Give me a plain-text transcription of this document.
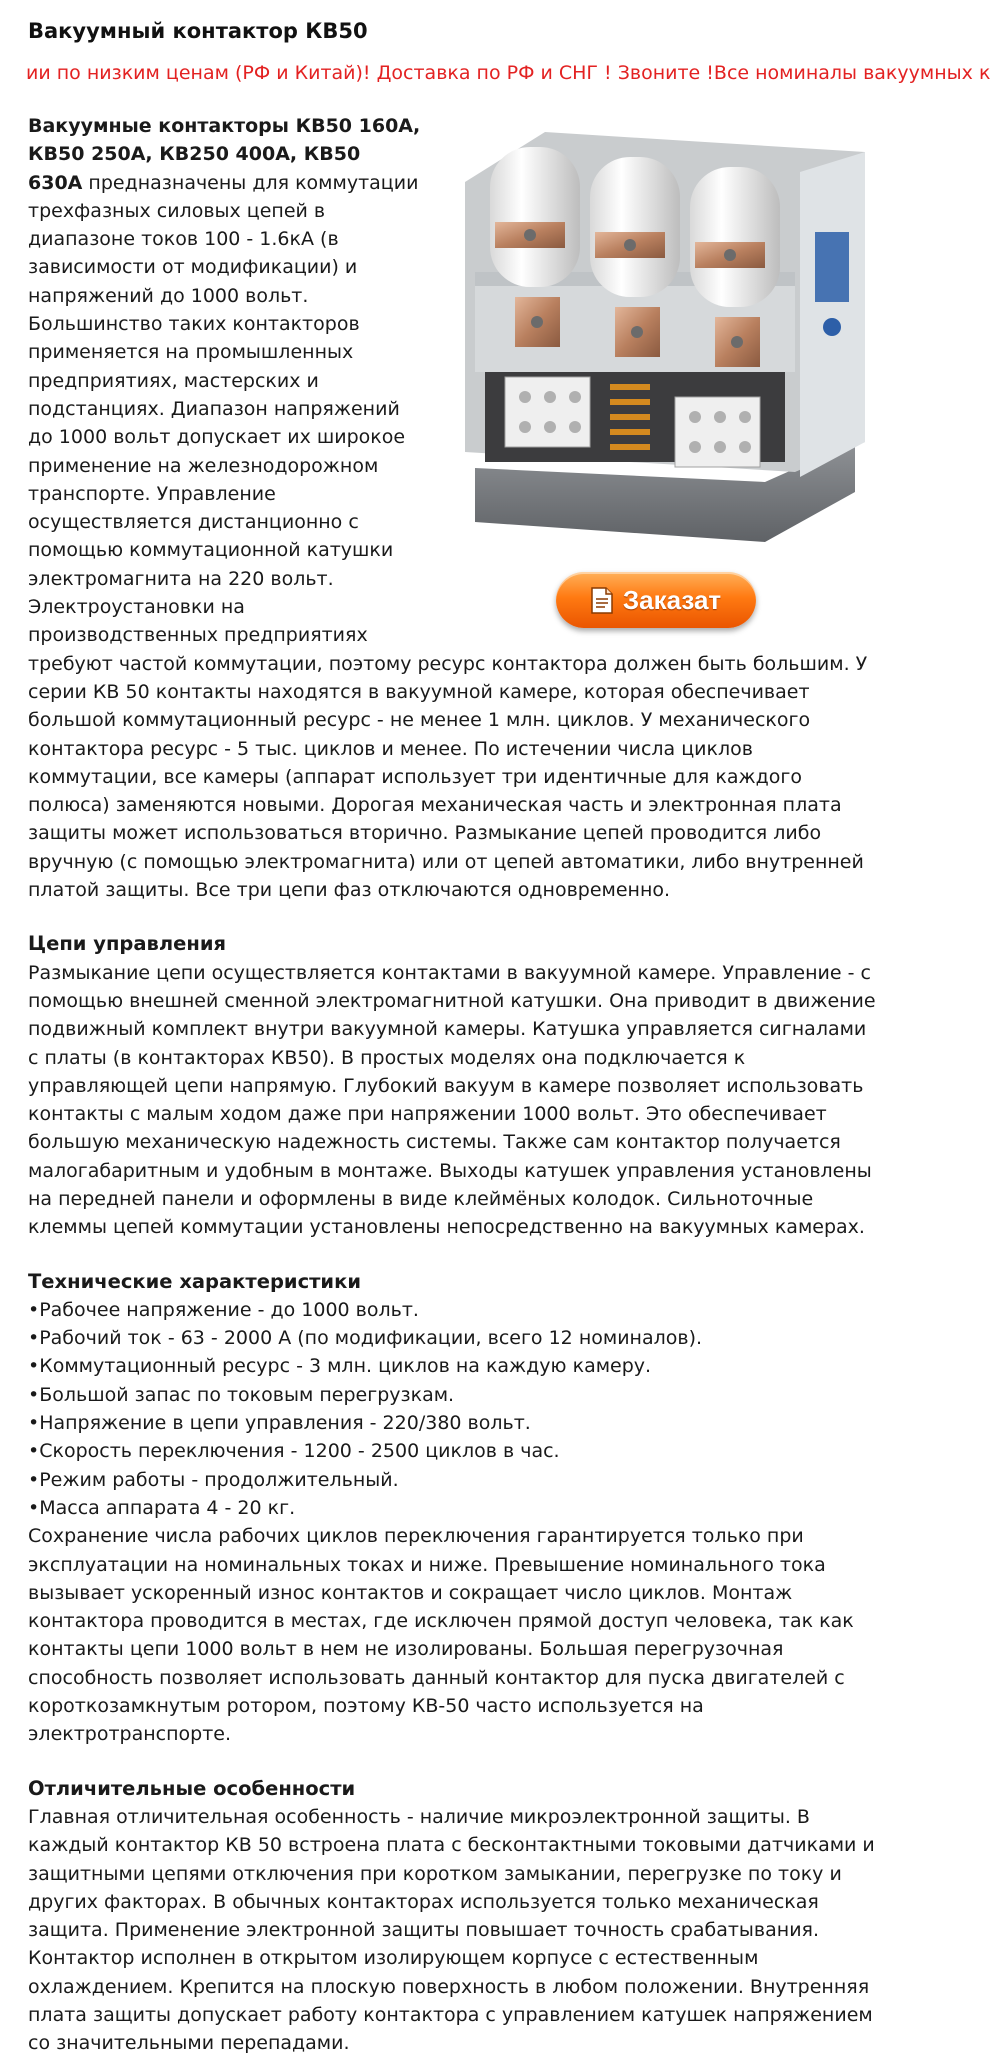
Вакуумный контактор КВ50
ии по низким ценам (РФ и Китай)! Доставка по РФ и СНГ ! Звоните !Все номиналы вакуумных к
Заказат
Вакуумные контакторы КВ50 160А, КВ50 250А, КВ250 400А, КВ50 630А предназначены для коммутации трехфазных силовых цепей в диапазоне токов 100 - 1.6кА (в зависимости от модификации) и напряжений до 1000 вольт. Большинство таких контакторов применяется на промышленных предприятиях, мастерских и подстанциях. Диапазон напряжений до 1000 вольт допускает их широкое применение на железнодорожном транспорте. Управление осуществляется дистанционно с помощью коммутационной катушки электромагнита на 220 вольт. Электроустановки на производственных предприятиях требуют частой коммутации, поэтому ресурс контактора должен быть большим. У серии КВ 50 контакты находятся в вакуумной камере, которая обеспечивает большой коммутационный ресурс - не менее 1 млн. циклов. У механического контактора ресурс - 5 тыс. циклов и менее. По истечении числа циклов коммутации, все камеры (аппарат использует три идентичные для каждого полюса) заменяются новыми. Дорогая механическая часть и электронная плата защиты может использоваться вторично. Размыкание цепей проводится либо вручную (с помощью электромагнита) или от цепей автоматики, либо внутренней платой защиты. Все три цепи фаз отключаются одновременно.
Цепи управления

Размыкание цепи осуществляется контактами в вакуумной камере. Управление - с помощью внешней сменной электромагнитной катушки. Она приводит в движение подвижный комплект внутри вакуумной камеры. Катушка управляется сигналами с платы (в контакторах КВ50). В простых моделях она подключается к управляющей цепи напрямую. Глубокий вакуум в камере позволяет использовать контакты с малым ходом даже при напряжении 1000 вольт. Это обеспечивает большую механическую надежность системы. Также сам контактор получается малогабаритным и удобным в монтаже. Выходы катушек управления установлены на передней панели и оформлены в виде клеймёных колодок. Сильноточные клеммы цепей коммутации установлены непосредственно на вакуумных камерах.

Технические характеристики
•Рабочее напряжение - до 1000 вольт.
•Рабочий ток - 63 - 2000 А (по модификации, всего 12 номиналов).
•Коммутационный ресурс - 3 млн. циклов на каждую камеру.
•Большой запас по токовым перегрузкам.
•Напряжение в цепи управления - 220/380 вольт.
•Скорость переключения - 1200 - 2500 циклов в час.
•Режим работы - продолжительный.
•Масса аппарата 4 - 20 кг.

Сохранение числа рабочих циклов переключения гарантируется только при эксплуатации на номинальных токах и ниже. Превышение номинального тока вызывает ускоренный износ контактов и сокращает число циклов. Монтаж контактора проводится в местах, где исключен прямой доступ человека, так как контакты цепи 1000 вольт в нем не изолированы. Большая перегрузочная способность позволяет использовать данный контактор для пуска двигателей с короткозамкнутым ротором, поэтому КВ-50 часто используется на электротранспорте.

Отличительные особенности

Главная отличительная особенность - наличие микроэлектронной защиты. В каждый контактор КВ 50 встроена плата с бесконтактными токовыми датчиками и защитными цепями отключения при коротком замыкании, перегрузке по току и других факторах. В обычных контакторах используется только механическая защита. Применение электронной защиты повышает точность срабатывания. Контактор исполнен в открытом изолирующем корпусе с естественным охлаждением. Крепится на плоскую поверхность в любом положении. Внутренняя плата защиты допускает работу контактора с управлением катушек напряжением со значительными перепадами.
